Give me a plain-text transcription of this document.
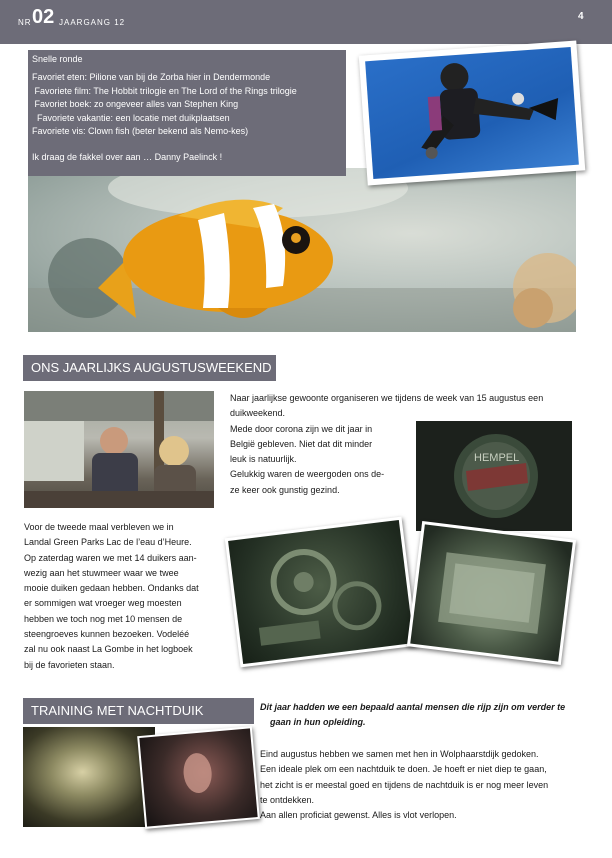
NR 02 JAARGANG 12
4
Snelle ronde
Favoriet eten: Pilione van bij de Zorba hier in Dendermonde
Favoriete film: The Hobbit trilogie en The Lord of the Rings trilogie
Favoriet boek: zo ongeveer alles van Stephen King
Favoriete vakantie: een locatie met duikplaatsen
Favoriete vis: Clown fish (beter bekend als Nemo-kes)
Ik draag de fakkel over aan … Danny Paelinck !
ONS JAARLIJKS AUGUSTUSWEEKEND
Naar jaarlijkse gewoonte organiseren we tijdens de week van 15 augustus een
duikweekend.
Mede door corona zijn we dit jaar in
België gebleven. Niet dat dit minder
leuk is natuurlijk.
Gelukkig waren de weergoden ons de-
ze keer ook gunstig gezind.
HEMPEL
Voor de tweede maal verbleven we in
Landal Green Parks Lac de l’eau d’Heure.
Op zaterdag waren we met 14 duikers aan-
wezig aan het stuwmeer waar we twee
mooie duiken gedaan hebben. Ondanks dat
er sommigen wat vroeger weg moesten
hebben we toch nog met 10 mensen de
steengroeves kunnen bezoeken. Vodeléé
zal nu ook naast La Gombe in het logboek
bij de favorieten staan.
TRAINING MET NACHTDUIK	Dit jaar hadden we een bepaald aantal mensen die rijp zijn om verder te
gaan in hun opleiding.
Eind augustus hebben we samen met hen in Wolphaarstdijk gedoken.
Een ideale plek om een nachtduik te doen. Je hoeft er niet diep te gaan,
het zicht is er meestal goed en tijdens de nachtduik is er nog meer leven
te ontdekken.
Aan allen proficiat gewenst. Alles is vlot verlopen.
